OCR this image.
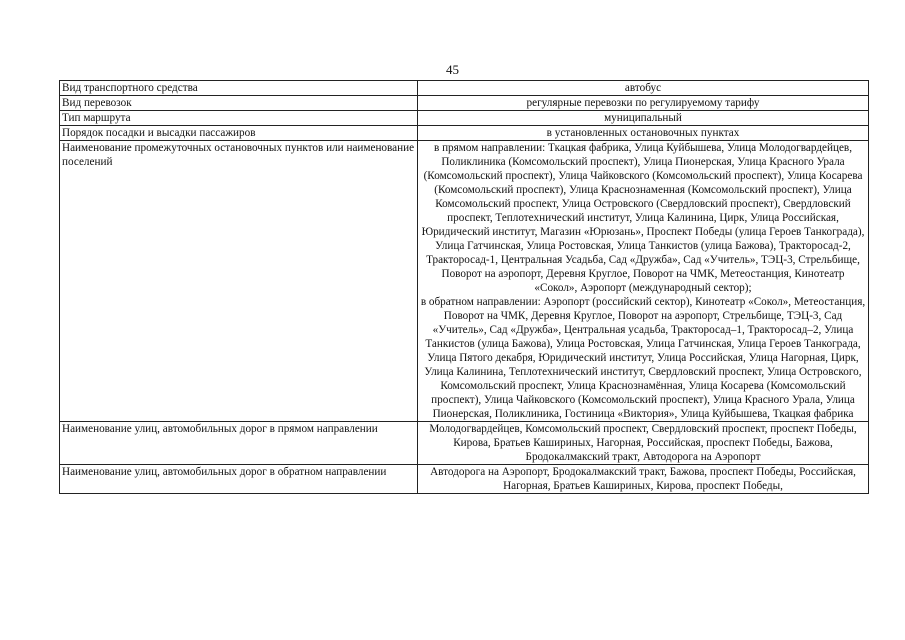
45
Вид транспортного средства	автобус
Вид перевозок	регулярные перевозки по регулируемому тарифу
Тип маршрута	муниципальный
Порядок посадки и высадки пассажиров	в установленных остановочных пунктах
Наименование промежуточных остановочных пунктов или наименование поселений	в прямом направлении: Ткацкая фабрика, Улица Куйбышева, Улица Молодогвардейцев, Поликлиника (Комсомольский проспект), Улица Пионерская, Улица Красного Урала (Комсомольский проспект), Улица Чайковского (Комсомольский проспект), Улица Косарева (Комсомольский проспект), Улица Краснознаменная (Комсомольский проспект), Улица Комсомольский проспект, Улица Островского (Свердловский проспект), Свердловский проспект, Теплотехнический институт, Улица Калинина, Цирк, Улица Российская, Юридический институт, Магазин «Юрюзань», Проспект Победы (улица Героев Танкограда), Улица Гатчинская, Улица Ростовская, Улица Танкистов (улица Бажова), Тракторосад-2, Тракторосад-1, Центральная Усадьба, Сад «Дружба», Сад «Учитель», ТЭЦ-3, Стрельбище, Поворот на аэропорт, Деревня Круглое, Поворот на ЧМК, Метеостанция, Кинотеатр «Сокол», Аэропорт (международный сектор);
в обратном направлении: Аэропорт (российский сектор), Кинотеатр «Сокол», Метеостанция, Поворот на ЧМК, Деревня Круглое, Поворот на аэропорт, Стрельбище, ТЭЦ-3, Сад «Учитель», Сад «Дружба», Центральная усадьба, Тракторосад–1, Тракторосад–2, Улица Танкистов (улица Бажова), Улица Ростовская, Улица Гатчинская, Улица Героев Танкограда, Улица Пятого декабря, Юридический институт, Улица Российская, Улица Нагорная, Цирк, Улица Калинина, Теплотехнический институт, Свердловский проспект, Улица Островского, Комсомольский проспект, Улица Краснознамённая, Улица Косарева (Комсомольский проспект), Улица Чайковского (Комсомольский проспект), Улица Красного Урала, Улица Пионерская, Поликлиника, Гостиница «Виктория», Улица Куйбышева, Ткацкая фабрика

Наименование улиц, автомобильных дорог в прямом направлении	Молодогвардейцев, Комсомольский проспект, Свердловский проспект, проспект Победы, Кирова, Братьев Кашириных, Нагорная, Российская, проспект Победы, Бажова, Бродокалмакский тракт, Автодорога на Аэропорт
Наименование улиц, автомобильных дорог в обратном направлении	Автодорога на Аэропорт, Бродокалмакский тракт, Бажова, проспект Победы, Российская, Нагорная, Братьев Кашириных, Кирова, проспект Победы,
